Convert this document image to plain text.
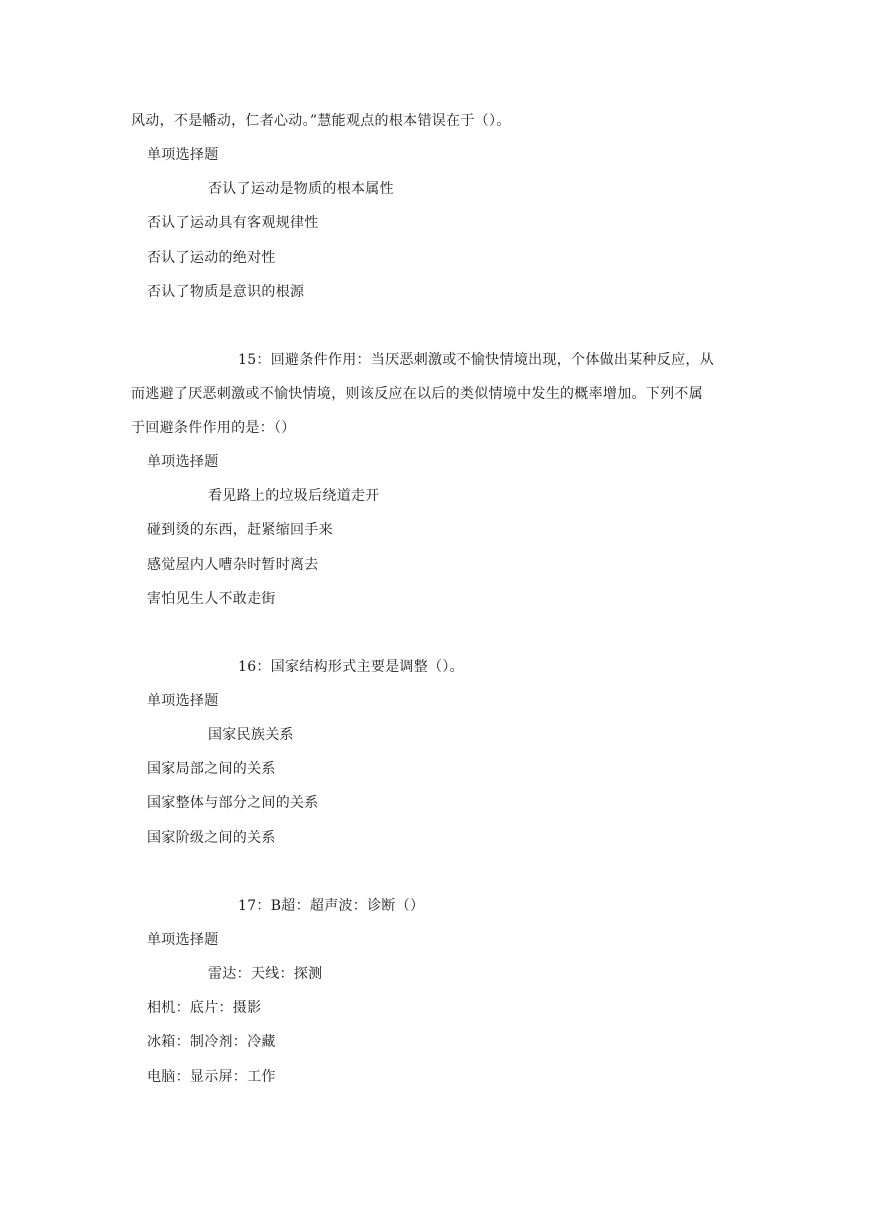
风动，不是幡动，仁者心动。”慧能观点的根本错误在于（）。
单项选择题
否认了运动是物质的根本属性
否认了运动具有客观规律性
否认了运动的绝对性
否认了物质是意识的根源
15：回避条件作用：当厌恶刺激或不愉快情境出现，个体做出某种反应，从
而逃避了厌恶刺激或不愉快情境，则该反应在以后的类似情境中发生的概率增加。下列不属
于回避条件作用的是：（）
单项选择题
看见路上的垃圾后绕道走开
碰到烫的东西，赶紧缩回手来
感觉屋内人嘈杂时暂时离去
害怕见生人不敢走街
16：国家结构形式主要是调整（）。
单项选择题
国家民族关系
国家局部之间的关系
国家整体与部分之间的关系
国家阶级之间的关系
17：B超：超声波：诊断（）
单项选择题
雷达：天线：探测
相机：底片：摄影
冰箱：制冷剂：冷藏
电脑：显示屏：工作
